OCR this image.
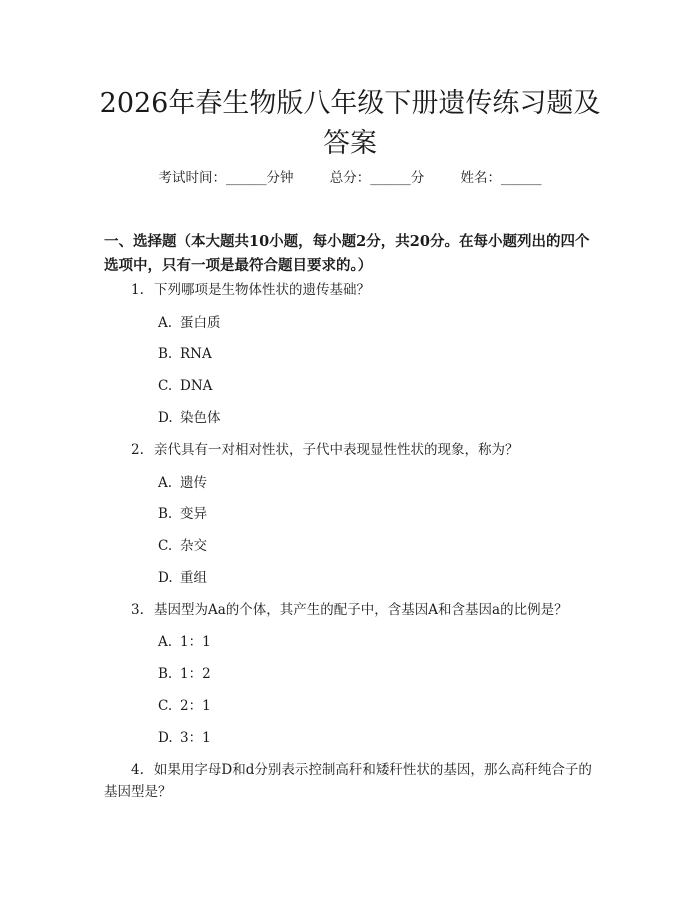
2026年春生物版八年级下册遗传练习题及答案
考试时间：______分钟	总分：______分	姓名：______

一、选择题（本大题共10小题，每小题2分，共20分。在每小题列出的四个选项中，只有一项是最符合题目要求的。）

1. 下列哪项是生物体性状的遗传基础？

A. 蛋白质

B. RNA

C. DNA

D. 染色体

2. 亲代具有一对相对性状，子代中表现显性性状的现象，称为？

A. 遗传

B. 变异

C. 杂交

D. 重组

3. 基因型为Aa的个体，其产生的配子中，含基因A和含基因a的比例是？

A. 1：1

B. 1：2

C. 2：1

D. 3：1

4. 如果用字母D和d分别表示控制高秆和矮秆性状的基因，那么高秆纯合子的基因型是？
